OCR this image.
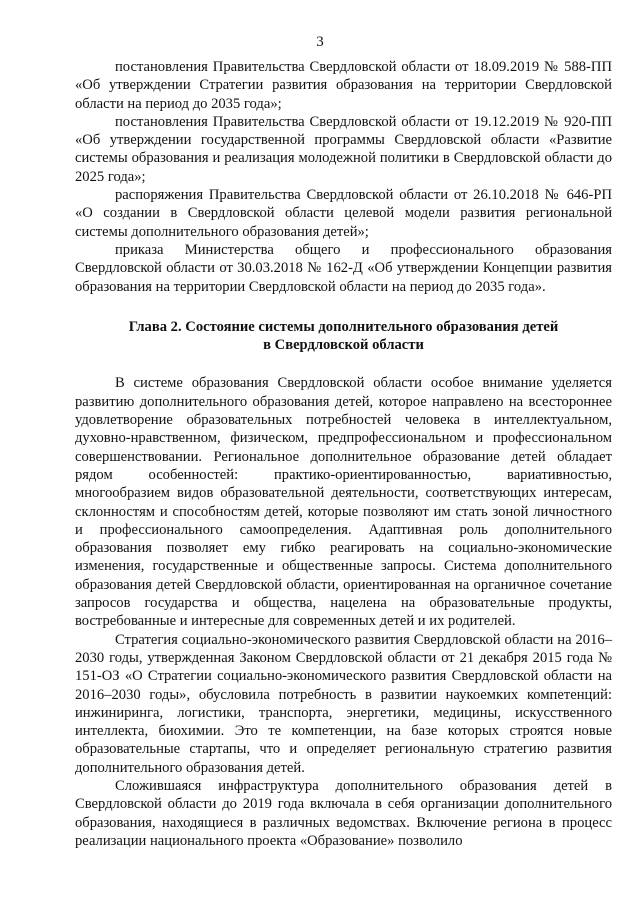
3

постановления Правительства Свердловской области от 18.09.2019 № 588-ПП «Об утверждении Стратегии развития образования на территории Свердловской области на период до 2035 года»;

постановления Правительства Свердловской области от 19.12.2019 № 920-ПП «Об утверждении государственной программы Свердловской области «Развитие системы образования и реализация молодежной политики в Свердловской области до 2025 года»;

распоряжения Правительства Свердловской области от 26.10.2018 № 646-РП «О создании в Свердловской области целевой модели развития региональной системы дополнительного образования детей»;

приказа Министерства общего и профессионального образования Свердловской области от 30.03.2018 № 162-Д «Об утверждении Концепции развития образования на территории Свердловской области на период до 2035 года».

Глава 2. Состояние системы дополнительного образования детей
в Свердловской области

В системе образования Свердловской области особое внимание уделяется развитию дополнительного образования детей, которое направлено на всестороннее удовлетворение образовательных потребностей человека в интеллектуальном, духовно-нравственном, физическом, предпрофессиональном и профессиональном совершенствовании. Региональное дополнительное образование детей обладает рядом особенностей: практико-ориентированностью, вариативностью, многообразием видов образовательной деятельности, соответствующих интересам, склонностям и способностям детей, которые позволяют им стать зоной личностного и профессионального самоопределения. Адаптивная роль дополнительного образования позволяет ему гибко реагировать на социально-экономические изменения, государственные и общественные запросы. Система дополнительного образования детей Свердловской области, ориентированная на органичное сочетание запросов государства и общества, нацелена на образовательные продукты, востребованные и интересные для современных детей и их родителей.

Стратегия социально-экономического развития Свердловской области на 2016–2030 годы, утвержденная Законом Свердловской области от 21 декабря 2015 года № 151-ОЗ «О Стратегии социально-экономического развития Свердловской области на 2016–2030 годы», обусловила потребность в развитии наукоемких компетенций: инжиниринга, логистики, транспорта, энергетики, медицины, искусственного интеллекта, биохимии. Это те компетенции, на базе которых строятся новые образовательные стартапы, что и определяет региональную стратегию развития дополнительного образования детей.

Сложившаяся инфраструктура дополнительного образования детей в Свердловской области до 2019 года включала в себя организации дополнительного образования, находящиеся в различных ведомствах. Включение региона в процесс реализации национального проекта «Образование» позволило
